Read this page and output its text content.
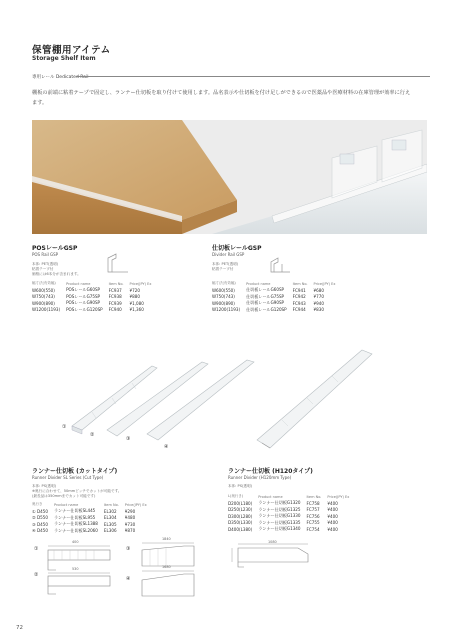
保管棚用アイテム
Storage Shelf Item
専用レール Dedicated Rail
棚板の前端に粘着テープで固定し、ランナー仕切板を取り付けて使用します。品名表示や仕切板を付け足しができるので医薬品や医療材料の在庫管理が効率に行えます。
POSレールGSP
POS Rail GSP
本体: PET(透明)
粘着テープ付
価格には6本分が含まれます。
幅寸法(有効幅)	Product name	Item No.	Price(JPY) Ex
W600(550)	POSレールG60SP	FC937	¥720
W750(743)	POSレールG75SP	FC938	¥880
W900(890)	POSレールG90SP	FC939	¥1,080
W1200(1193)	POSレールG120SP	FC940	¥1,360
仕切板レールGSP
Divider Rail GSP
本体: PET(透明)
粘着テープ付

幅寸法(有効幅)	Product name	Item No.	Price(JPY) Ex
W600(550)	仕切板レールG60SP	FC941	¥680
W750(743)	仕切板レールG75SP	FC942	¥770
W900(890)	仕切板レールG90SP	FC943	¥940
W1200(1193)	仕切板レールG120SP	FC944	¥830
①
②
③
④
ランナー仕切板 (カットタイプ)
Runner Divider SL Series (Cut Type)
本体: PS(透明)
※奥行に合わせて、50mmピッチでカットが可能です。
(最長品は350mmまでカット可能です)
奥行き	Product name	Item No.	Price(JPY) Ex
① D450	ランナー仕切板SL445	EL302	¥290
② D550	ランナー仕切板SL955	EL304	¥480
③ D450	ランナー仕切板SL1388	EL305	¥730
④ D450	ランナー仕切板SL2060	EL306	¥870
ランナー仕切板 (H120タイプ)
Runner Divider (H120mm Type)
本体: PS(透明)
L(奥行き)	Product name	Item No.	Price(JPY) Ex
D200(L180)	ランナー仕切板G1320	FC758	¥400
D250(L230)	ランナー仕切板G1325	FC757	¥400
D300(L280)	ランナー仕切板G1330	FC756	¥400
D350(L330)	ランナー仕切板G1335	FC755	¥400
D400(L380)	ランナー仕切板G1340	FC754	¥400
①
②
③
④
400
530
1840
1680
1080
72
